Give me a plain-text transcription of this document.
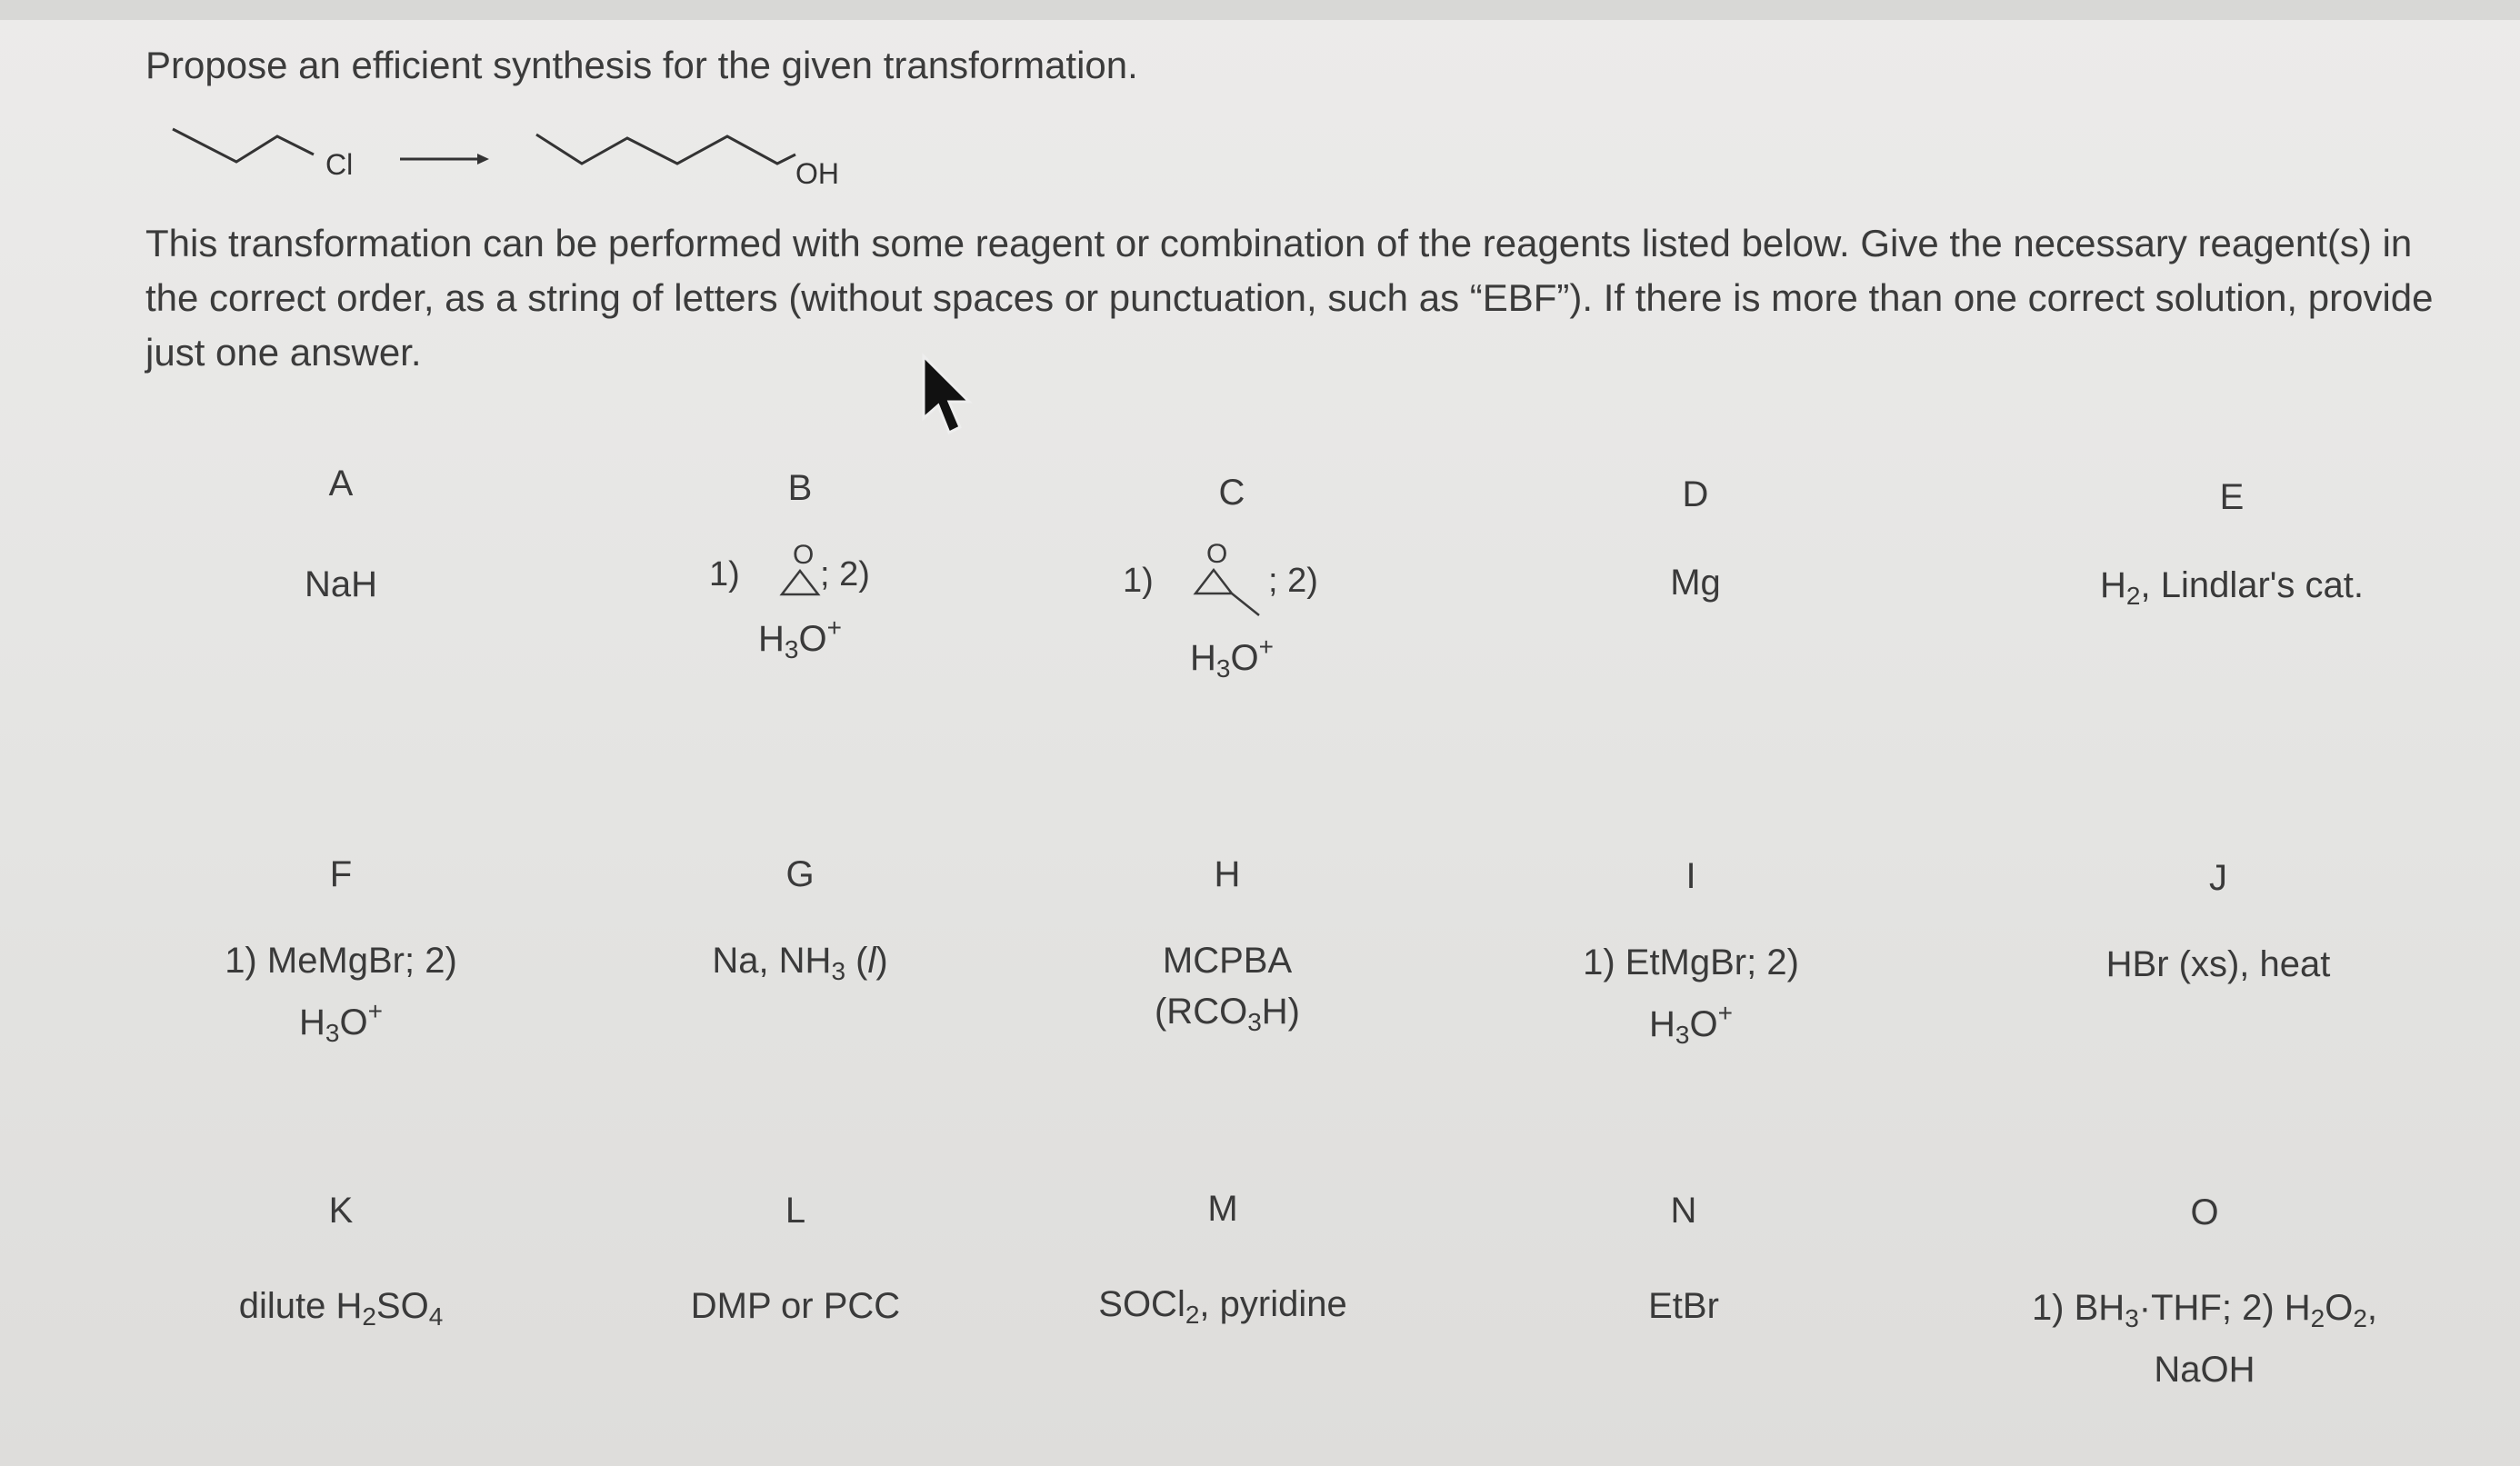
Propose an efficient synthesis for the given transformation.
Cl	OH
This transformation can be performed with some reagent or combination of the reagents listed below. Give the necessary reagent(s) in the correct order, as a string of letters (without spaces or punctuation, such as “EBF”). If there is more than one correct solution, provide just one answer.
A
NaH
B
1)
O
; 2)
$H_3O^+$
C
1)
O
; 2)
$H_3O^+$
D
Mg
E
$H_2$, Lindlar's cat.
F
1) MeMgBr; 2)
$H_3O^+$
G
Na, $NH_3$ (l)
H
MCPBA
$(RCO_3H)$
I
1) EtMgBr; 2)
$H_3O^+$
J
HBr (xs), heat
K
dilute $H_2SO_4$
L
DMP or PCC
M
SOCl$_2$, pyridine
N
EtBr
O
1) $BH_3\cdot THF$; 2) $H_2O_2$,
NaOH
